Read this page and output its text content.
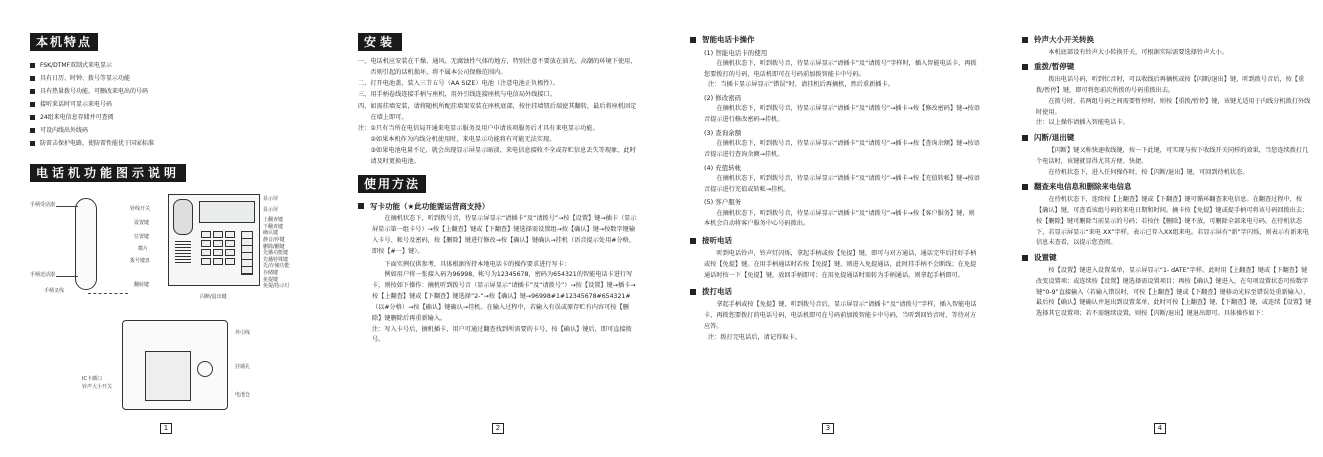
本机特点
FSK/DTMF双制式来电显示
具有日历、时钟、拨号等显示功能
具有热量拨号功能，可删改来电出的号码
接听来话时可显示来电号码
24组来电信息存储并可查阅
可设内线出外线码
防雷击保护电路，使防雷性能优于国家标准
电话机功能图示说明
手柄受话器
手柄送话器
手柄叉线
铃线开关
设置键
位置键
横片
拨号键盘
翻转键
显示屏
显示屏
上翻查键
下翻查键
确认键
静音/停键
删除/翻键
先播功能键
先播特殊键
先/存储功能
存储键
免提键
免提/指示灯
闪断/退出键
外引线
挂墙孔
电池仓
IC卡插口
铃声大小开关
1
安装

一、电话机应安装在干燥、通风、无腐蚀性气体的地方，特别注意不要放在油光、高潮的环境下使用，否则引起的话机损坏，将不属本公司保修范围内。

二、打开电池盖，装入三节五号（AA SIZE）电池（注意电池正负极性）。

三、用手柄卷线连接手柄与座机，用外引线连接座机与电信局外线接口。

四、如需挂墙安装，请将随机所配挂墙架安装在座机底部，按住挂墙钮后端使其翻转，最后将座机固定在墙上即可。

注： ①只有当所在电信局开通来电显示服务及用户申请该项服务后才具有来电显示功能。

②如果本机作为内线分机使用时，来电显示功能将有可能无法实现。

③如果电池电量不足，就会出现显示屏显示暗淡、来电信息接收不全或存贮信息丢失等现象，此时请及时更换电池。

使用方法
写卡功能（★此功能需运营商支持）

在摘机状态下，听到拨号音，待显示屏显示“请插卡”及“请拨号”→按【设置】键→插卡（显示屏显示第一组卡号）→按【上翻查】键或【下翻查】键选择需设置组→按【确认】键→按数字键输入卡号、帐号及密码，按【删除】键进行修改→按【确认】键确认→挂机（语音提示处用#分格，即按【#一】键）。

下面实例仅供参考，具体根据所持本地电话卡的操作要求进行写卡：

例如用户将一张接入码为96998，帐号为12345678，密码为654321的智能电话卡进行写卡，则按如下操作：摘机听到拨号音（显示屏显示“请插卡”及“请拨号”）→按【设置】键→插卡→按【上翻查】键或【下翻查】键选择“2-”→按【确认】键→96998#1#12345678#654321#（以#分格）→按【确认】键确认→挂机。在输入过程中，若输入有误或原存贮有内容可按【删除】键删除后再重新输入。

注：写入卡号后，摘机插卡，用户可通过翻查找到所需要的卡号，按【确认】键后，即可直接拨号。

2
智能电话卡操作
(1) 智能电话卡的使用

在摘机状态下，听到拨号音，待显示屏显示“请插卡”及“请拨号”字样时，插入智能电话卡，再拨您要拨打的号码，电话机即可在号码前加拨智能卡中号码。

注：当插卡显示屏显示“错误”时，请挂机后再摘机，然后重新插卡。

(2) 修改密码

在摘机状态下，听到拨号音，待显示屏显示“请插卡”及“请拨号”→插卡→按【修改密码】键→按语音提示进行修改密码→挂机。

(3) 查询余额

在摘机状态下，听到拨号音，待显示屏显示“请插卡”及“请拨号”→插卡→按【查询余额】键→按语音提示进行查询余额→挂机。

(4) 充值转帐

在摘机状态下，听到拨号音，待显示屏显示“请插卡”及“请拨号”→插卡→按【充值转帐】键→按语音提示进行充值或转帐→挂机。

(5) 客户服务

在摘机状态下，听到拨号音，待显示屏显示“请插卡”及“请拨号”→插卡→按【客户服务】键，则本机会自动将客户服务中心号码拨出。

接听电话

听到电话铃声，铃声灯闪烁，拿起手柄或按【免提】键，即可与对方通话，通话完毕后挂好手柄或按【免提】键。在用手柄通话时若按【免提】键，则进入免提通话，此时挂手柄不会断线；在免提通话时按一下【免提】键，放回手柄即可；在用免提通话时需转为手柄通话，则拿起手柄即可。

拨打电话

拿起手柄或按【免提】键，听到拨号音后，显示屏显示“请插卡”及“请拨号”字样，插入智能电话卡，再拨您要拨打的电话号码，电话机即可在号码前加拨智能卡中号码，当听到回铃音时，等待对方应答。

注：拨打完电话后，请记得取卡。

3
铃声大小开关转换

本机底部设有铃声大小转换开关，可根据实际需要选择铃声大小。

重拨/暂停键

拨出电话号码，听到忙音时，可以收线后再摘机或按【闪断/退出】键，听到拨号音后，按【重拨/暂停】键，即可将您前次所拨的号码重拨出去。

在拨号时，若两组号码之间需要暂停时，则按【重拨/暂停】键，该键尤适用于内线分机拨打外线时使用。

注：以上操作请插入智能电话卡。

闪断/退出键

【闪断】键又称快速收线键，按一下此键，可实现与按下收线开关同样的效果，当您连续拨打几个电话时，该键就显得尤其方便、快捷。

在待机状态下，进入任何操作时，按【闪断/退出】键，可回到待机状态。

翻查来电信息和删除来电信息

在待机状态下，连续按【上翻查】键或【下翻查】键可循环翻查来电信息。在翻查过程中，按【确认】键，可查看该组号码的来电日期和时间。摘卡按【免提】键或提手柄可将该号码回拨出去；按【删除】键可删除当前显示的号码；若按住【删除】键不放，可删除全部来电号码。在待机状态下，若显示屏显示“来电 XX”字样，表示已存入XX组来电。若显示屏有“新”字闪烁，则表示有新来电信息未查看，以提示您查阅。

设置键

按【设置】键进入设置菜单，显示屏显示“1- dATE”字样。此时用【上翻查】键或【下翻查】键改变设置项；或连续按【设置】键选择需设置项目；再按【确认】键进入，在句项设置状态可按数字键“0-9”直接输入（若输入错误时，可按【上翻查】键或【下翻查】键移动光标至错误处重新输入），最后按【确认】键确认并退出到设置菜单，此时可按【上翻查】键、【下翻查】键，或连续【设置】键选择其它设置项；若不需继续设置，则按【闪断/退出】键退出即可。具体操作如下：

4
